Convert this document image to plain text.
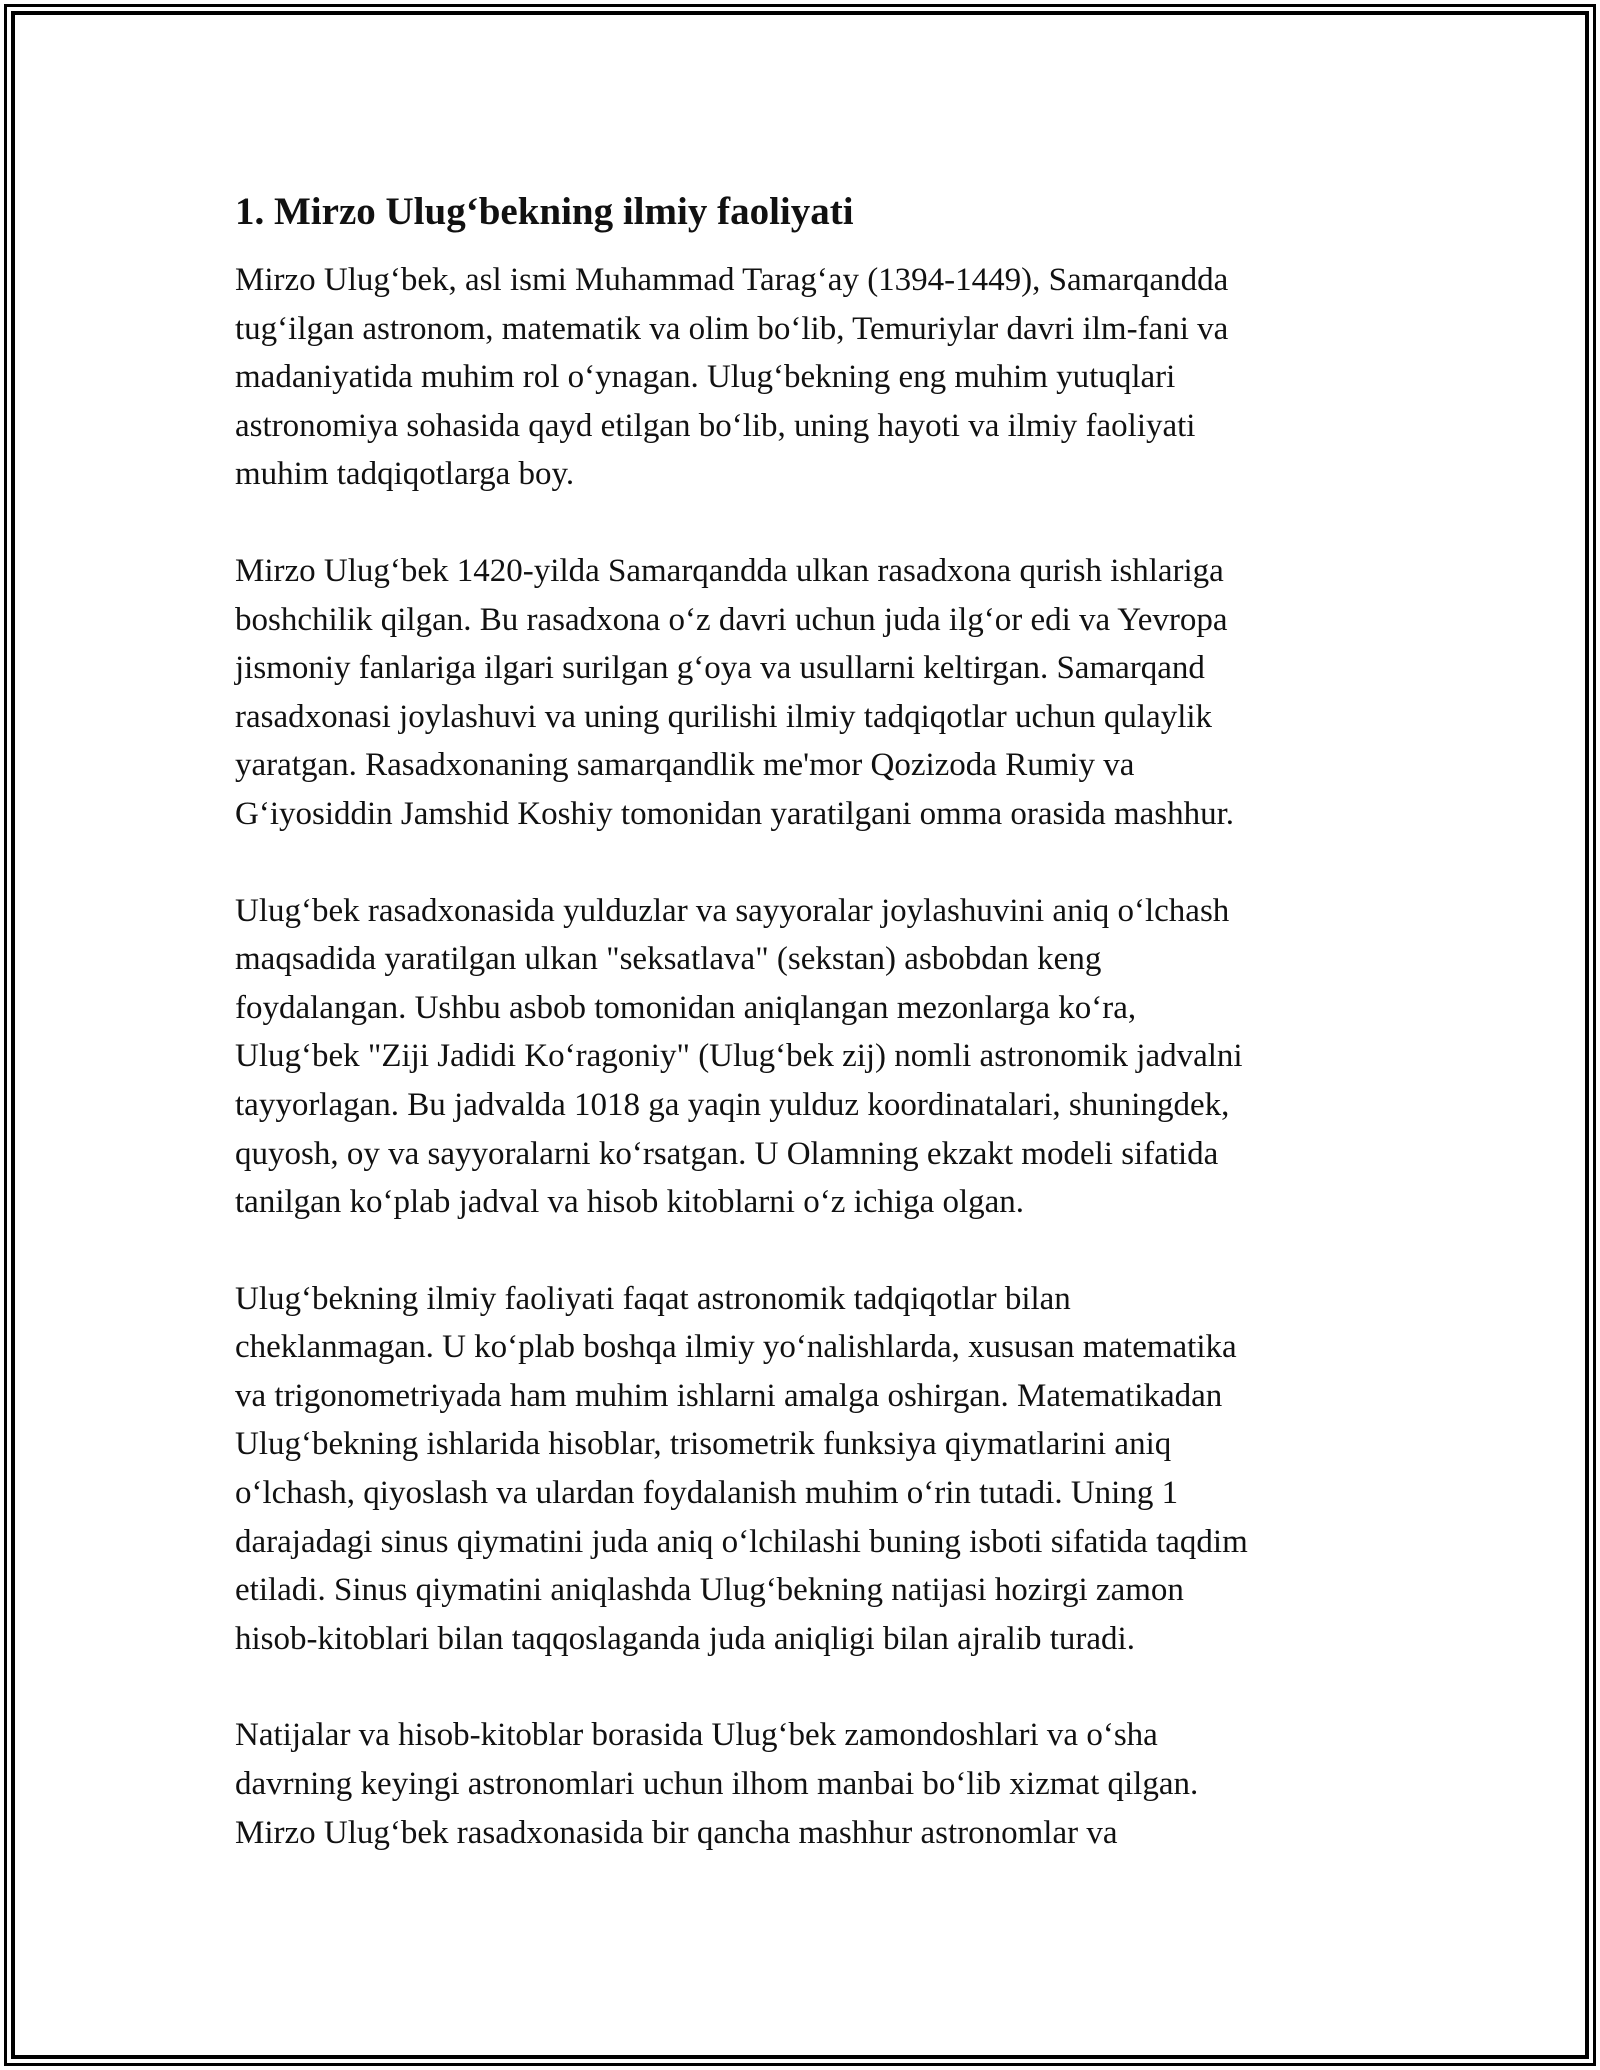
1. Mirzo Ulug‘bekning ilmiy faoliyati

Mirzo Ulug‘bek, asl ismi Muhammad Tarag‘ay (1394-1449), Samarqandda
tug‘ilgan astronom, matematik va olim bo‘lib, Temuriylar davri ilm-fani va
madaniyatida muhim rol o‘ynagan. Ulug‘bekning eng muhim yutuqlari
astronomiya sohasida qayd etilgan bo‘lib, uning hayoti va ilmiy faoliyati
muhim tadqiqotlarga boy.

Mirzo Ulug‘bek 1420-yilda Samarqandda ulkan rasadxona qurish ishlariga
boshchilik qilgan. Bu rasadxona o‘z davri uchun juda ilg‘or edi va Yevropa
jismoniy fanlariga ilgari surilgan g‘oya va usullarni keltirgan. Samarqand
rasadxonasi joylashuvi va uning qurilishi ilmiy tadqiqotlar uchun qulaylik
yaratgan. Rasadxonaning samarqandlik me'mor Qozizoda Rumiy va
G‘iyosiddin Jamshid Koshiy tomonidan yaratilgani omma orasida mashhur.

Ulug‘bek rasadxonasida yulduzlar va sayyoralar joylashuvini aniq o‘lchash
maqsadida yaratilgan ulkan "seksatlava" (sekstan) asbobdan keng
foydalangan. Ushbu asbob tomonidan aniqlangan mezonlarga ko‘ra,
Ulug‘bek "Ziji Jadidi Ko‘ragoniy" (Ulug‘bek zij) nomli astronomik jadvalni
tayyorlagan. Bu jadvalda 1018 ga yaqin yulduz koordinatalari, shuningdek,
quyosh, oy va sayyoralarni ko‘rsatgan. U Olamning ekzakt modeli sifatida
tanilgan ko‘plab jadval va hisob kitoblarni o‘z ichiga olgan.

Ulug‘bekning ilmiy faoliyati faqat astronomik tadqiqotlar bilan
cheklanmagan. U ko‘plab boshqa ilmiy yo‘nalishlarda, xususan matematika
va trigonometriyada ham muhim ishlarni amalga oshirgan. Matematikadan
Ulug‘bekning ishlarida hisoblar, trisometrik funksiya qiymatlarini aniq
o‘lchash, qiyoslash va ulardan foydalanish muhim o‘rin tutadi. Uning 1
darajadagi sinus qiymatini juda aniq o‘lchilashi buning isboti sifatida taqdim
etiladi. Sinus qiymatini aniqlashda Ulug‘bekning natijasi hozirgi zamon
hisob-kitoblari bilan taqqoslaganda juda aniqligi bilan ajralib turadi.

Natijalar va hisob-kitoblar borasida Ulug‘bek zamondoshlari va o‘sha
davrning keyingi astronomlari uchun ilhom manbai bo‘lib xizmat qilgan.
Mirzo Ulug‘bek rasadxonasida bir qancha mashhur astronomlar va
